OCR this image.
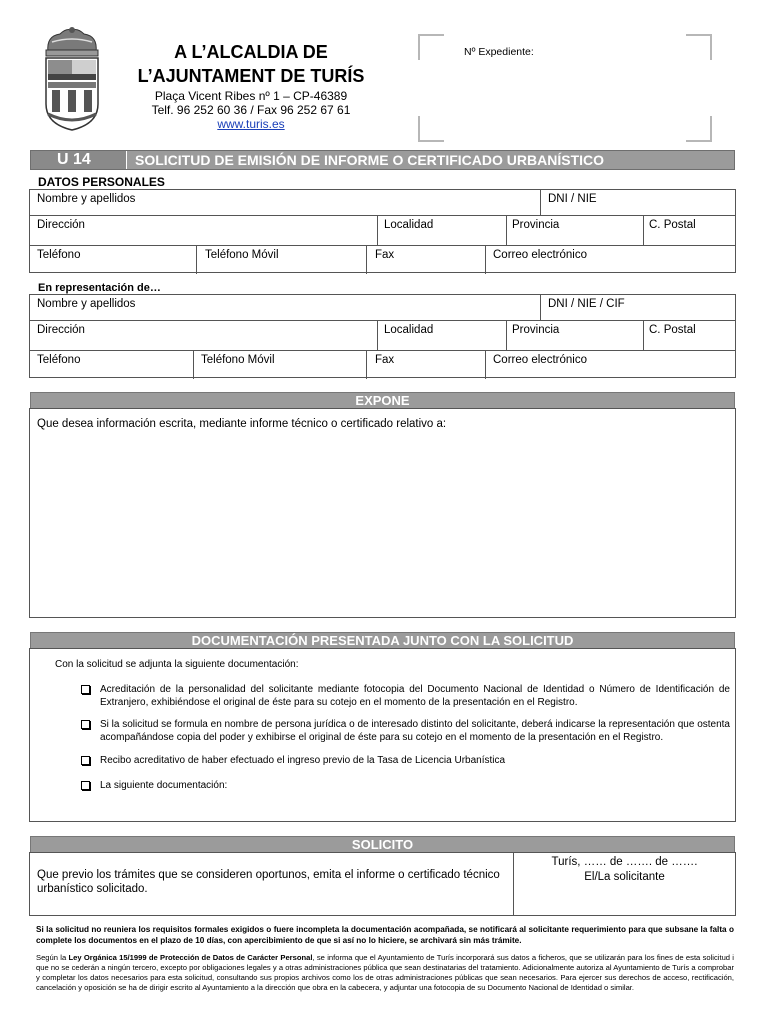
A L’ALCALDIA DE
L’AJUNTAMENT DE TURÍS
Plaça Vicent Ribes nº 1 – CP-46389
Telf. 96 252 60 36 / Fax 96 252 67 61
www.turis.es
Nº Expediente:
U 14	SOLICITUD DE EMISIÓN DE INFORME O CERTIFICADO URBANÍSTICO
DATOS PERSONALES
Nombre y apellidos	DNI / NIE
Dirección	Localidad	Provincia	C. Postal
Teléfono	Teléfono Móvil	Fax	Correo electrónico
En representación de…
Nombre y apellidos	DNI / NIE / CIF
Dirección	Localidad	Provincia	C. Postal
Teléfono	Teléfono Móvil	Fax	Correo electrónico
EXPONE
Que desea información escrita, mediante informe técnico o certificado relativo a:
DOCUMENTACIÓN PRESENTADA JUNTO CON LA SOLICITUD
Con la solicitud se adjunta la siguiente documentación:
Acreditación de la personalidad del solicitante mediante fotocopia del Documento Nacional de Identidad o Número de Identificación de Extranjero, exhibiéndose el original de éste para su cotejo en el momento de la presentación en el Registro.
Si la solicitud se formula en nombre de persona jurídica o de interesado distinto del solicitante, deberá indicarse la representación que ostenta acompañándose copia del poder y exhibirse el original de éste para su cotejo en el momento de la presentación en el Registro.
Recibo acreditativo de haber efectuado el ingreso previo de la Tasa de Licencia Urbanística
La siguiente documentación:
SOLICITO
Que previo los trámites que se consideren oportunos, emita el informe o certificado técnico urbanístico solicitado.
Turís, …… de ……. de …….
El/La solicitante
Si la solicitud no reuniera los requisitos formales exigidos o fuere incompleta la documentación acompañada, se notificará al solicitante requerimiento para que subsane la falta o complete los documentos en el plazo de 10 días, con apercibimiento de que si así no lo hiciere, se archivará sin más trámite.
Según la Ley Orgánica 15/1999 de Protección de Datos de Carácter Personal, se informa que el Ayuntamiento de Turís incorporará sus datos a ficheros, que se utilizarán para los fines de esta solicitud i que no se cederán a ningún tercero, excepto por obligaciones legales y a otras administraciones pública que sean destinatarias del tratamiento. Adicionalmente autoriza al Ayuntamiento de Turís a comprobar y completar los datos necesarios para esta solicitud, consultando sus propios archivos como los de otras administraciones públicas que sean necesarios. Para ejercer sus derechos de acceso, rectificación, cancelación y oposición se ha de dirigir escrito al Ayuntamiento a la dirección que obra en la cabecera, y adjuntar una fotocopia de su Documento Nacional de Identidad o similar.
